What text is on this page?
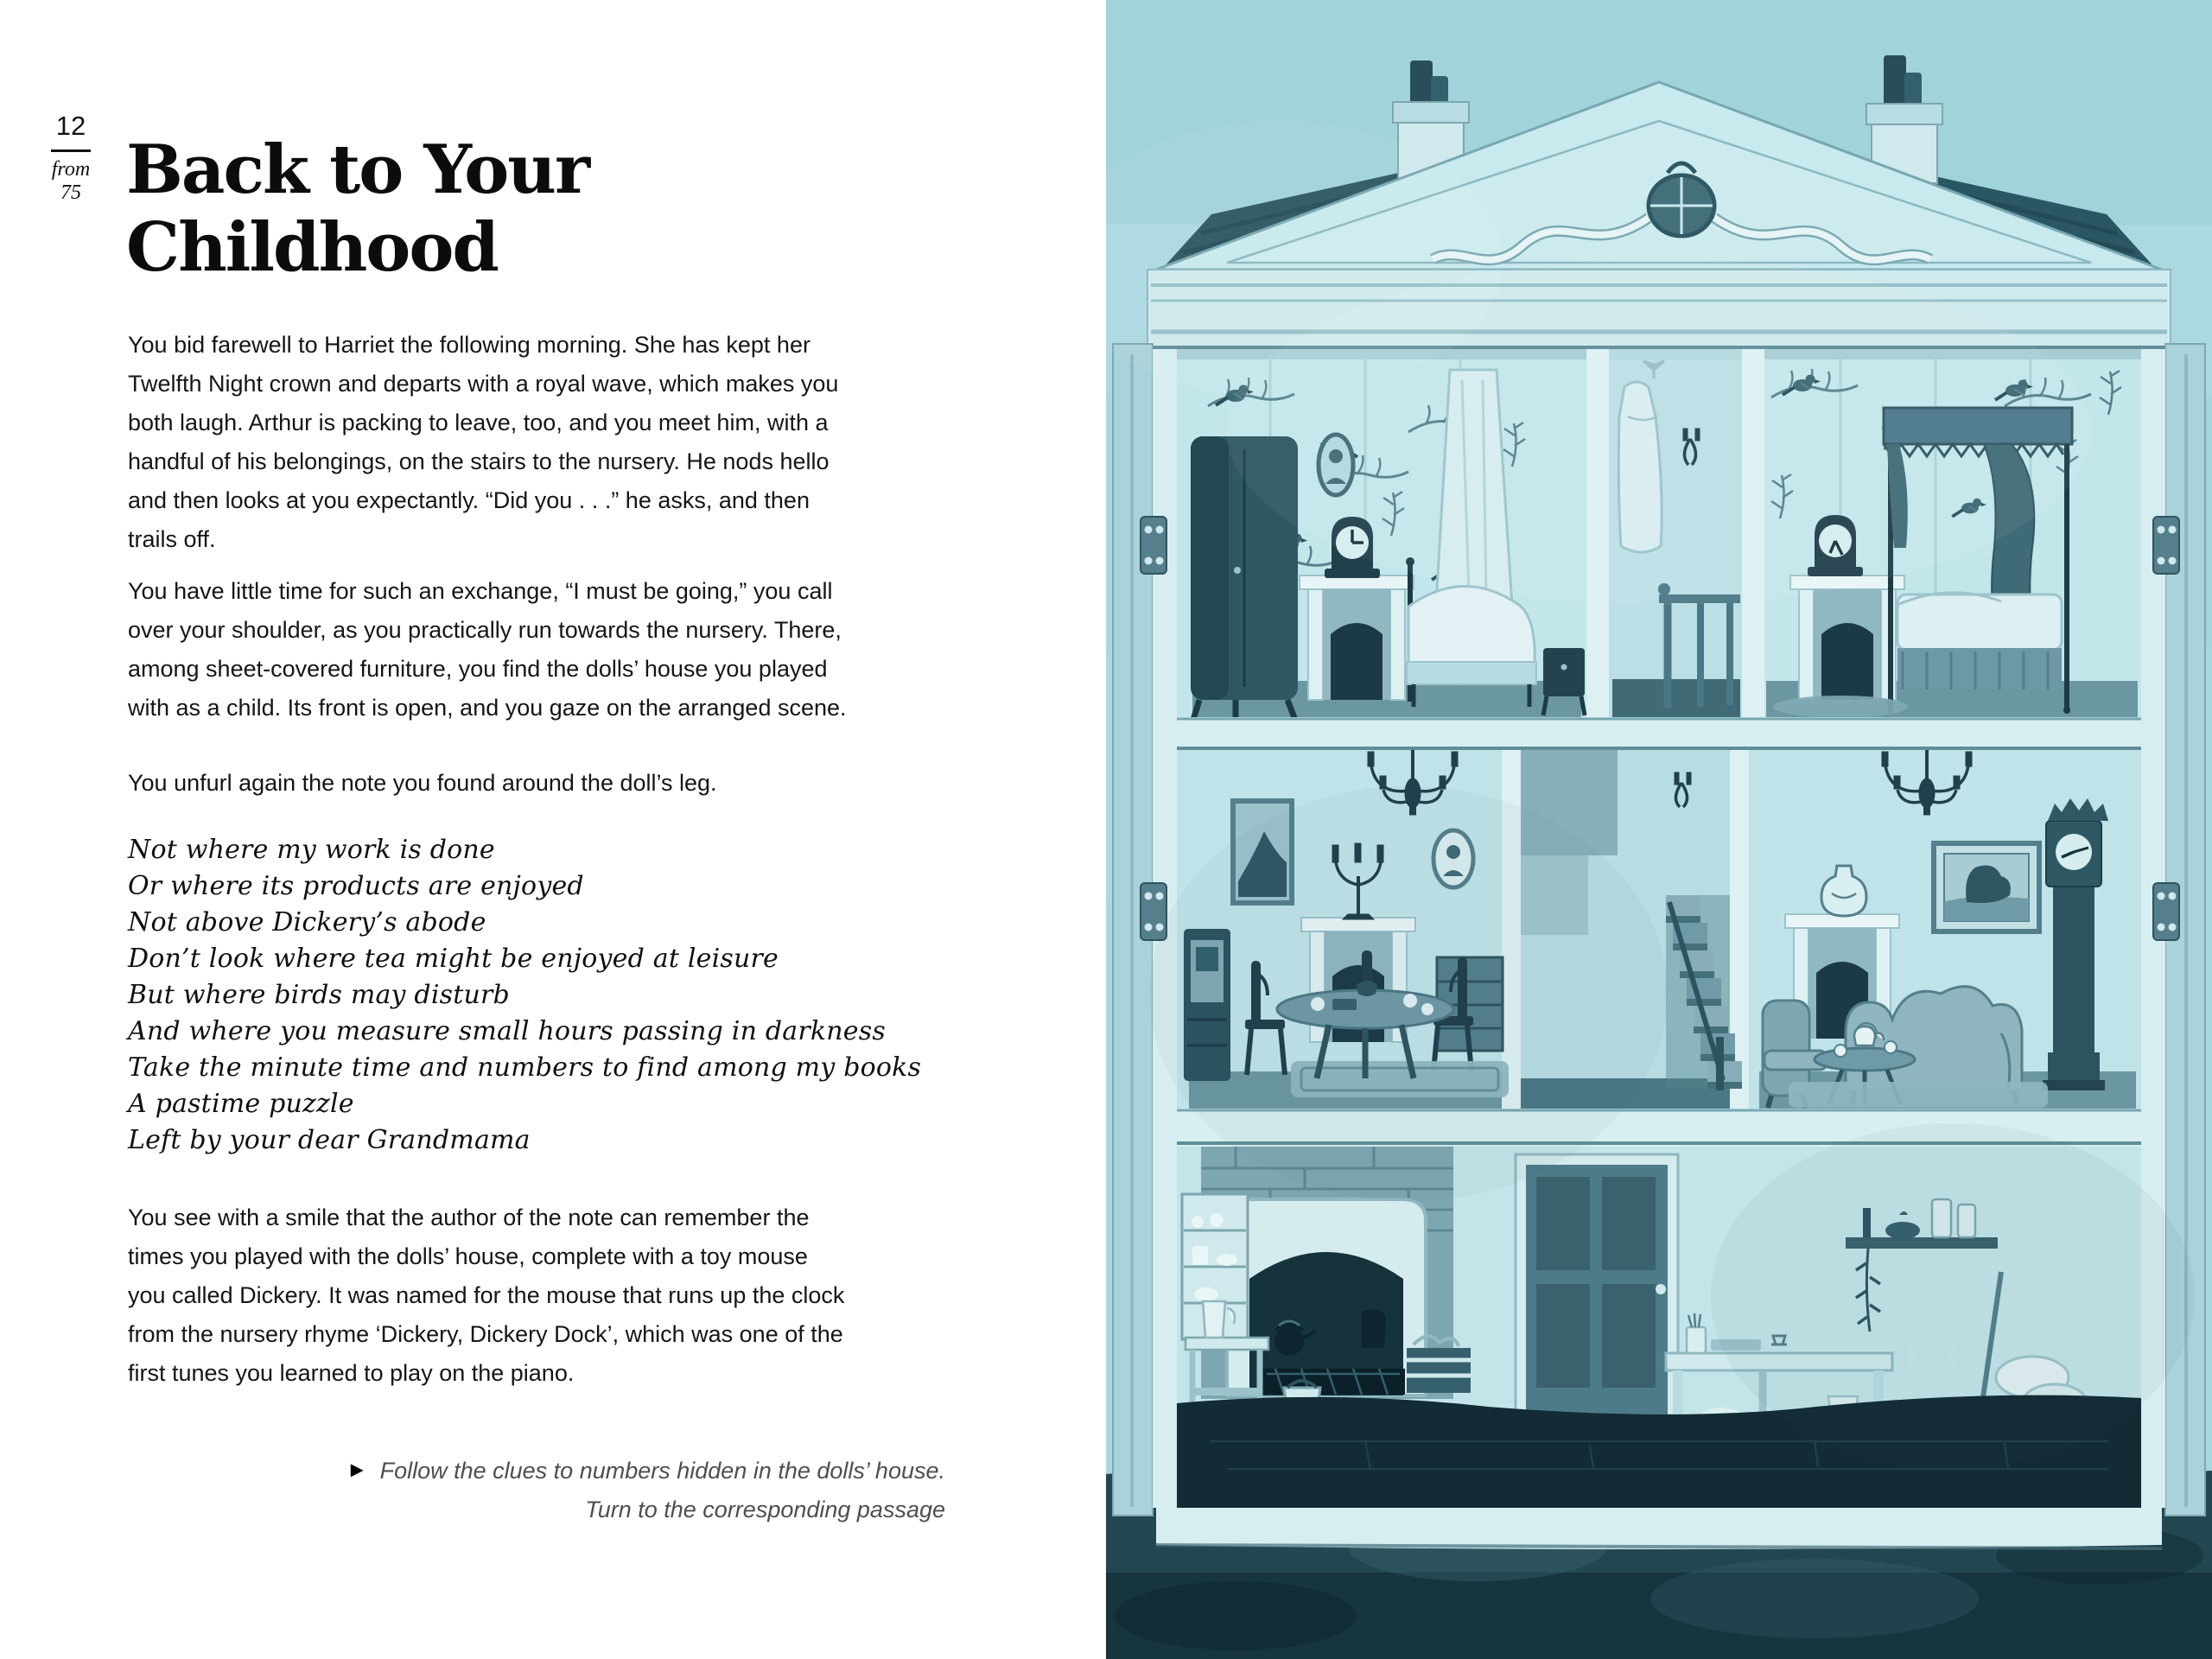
12
from
75 Back to Your
Childhood
You bid farewell to Harriet the following morning. She has kept her
Twelfth Night crown and departs with a royal wave, which makes you
both laugh. Arthur is packing to leave, too, and you meet him, with a
handful of his belongings, on the stairs to the nursery. He nods hello
and then looks at you expectantly. “Did you . . .” he asks, and then
trails off.
You have little time for such an exchange, “I must be going,” you call
over your shoulder, as you practically run towards the nursery. There,
among sheet-covered furniture, you find the dolls’ house you played
with as a child. Its front is open, and you gaze on the arranged scene.
You unfurl again the note you found around the doll’s leg.
Not where my work is done
Or where its products are enjoyed
Not above Dickery’s abode
Don’t look where tea might be enjoyed at leisure
But where birds may disturb
And where you measure small hours passing in darkness
Take the minute time and numbers to find among my books
A pastime puzzle
Left by your dear Grandmama
You see with a smile that the author of the note can remember the
times you played with the dolls’ house, complete with a toy mouse
you called Dickery. It was named for the mouse that runs up the clock
from the nursery rhyme ‘Dickery, Dickery Dock’, which was one of the
first tunes you learned to play on the piano.
► Follow the clues to numbers hidden in the dolls’ house.
Turn to the corresponding passage
